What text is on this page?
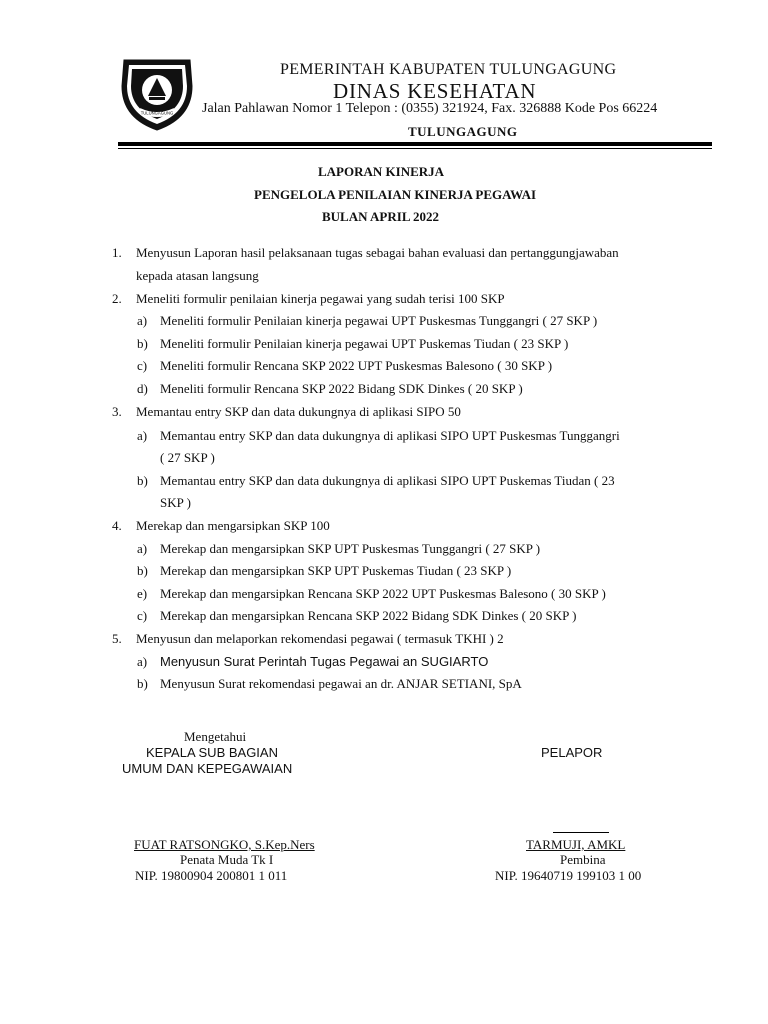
TULUNGAGUNG
PEMERINTAH KABUPATEN TULUNGAGUNG
DINAS KESEHATAN
Jalan Pahlawan Nomor 1 Telepon : (0355) 321924, Fax. 326888 Kode Pos 66224
TULUNGAGUNG
LAPORAN KINERJA
PENGELOLA PENILAIAN KINERJA PEGAWAI
BULAN APRIL 2022
1. Menyusun Laporan hasil pelaksanaan tugas sebagai bahan evaluasi dan pertanggungjawaban
kepada atasan langsung
2. Meneliti formulir penilaian kinerja pegawai yang sudah terisi 100 SKP
a) Meneliti formulir Penilaian kinerja pegawai UPT Puskesmas Tunggangri ( 27 SKP )
b) Meneliti formulir Penilaian kinerja pegawai UPT Puskemas Tiudan ( 23 SKP )
c) Meneliti formulir Rencana SKP 2022 UPT Puskesmas Balesono ( 30 SKP )
d) Meneliti formulir Rencana SKP 2022 Bidang SDK Dinkes ( 20 SKP )
3. Memantau entry SKP dan data dukungnya di aplikasi SIPO 50
a) Memantau entry SKP dan data dukungnya di aplikasi SIPO UPT Puskesmas Tunggangri
( 27 SKP )
b) Memantau entry SKP dan data dukungnya di aplikasi SIPO UPT Puskemas Tiudan ( 23
SKP )
4. Merekap dan mengarsipkan SKP 100
a) Merekap dan mengarsipkan SKP UPT Puskesmas Tunggangri ( 27 SKP )
b) Merekap dan mengarsipkan SKP UPT Puskemas Tiudan ( 23 SKP )
e) Merekap dan mengarsipkan Rencana SKP 2022 UPT Puskesmas Balesono ( 30 SKP )
c) Merekap dan mengarsipkan Rencana SKP 2022 Bidang SDK Dinkes ( 20 SKP )
5. Menyusun dan melaporkan rekomendasi pegawai ( termasuk TKHI ) 2
a) Menyusun Surat Perintah Tugas Pegawai an SUGIARTO
b) Menyusun Surat rekomendasi pegawai an dr. ANJAR SETIANI, SpA
Mengetahui
KEPALA SUB BAGIAN
UMUM DAN KEPEGAWAIAN
PELAPOR
FUAT RATSONGKO, S.Kep.Ners
Penata Muda Tk I
NIP. 19800904 200801 1 011
TARMUJI, AMKL
Pembina
NIP. 19640719 199103 1 00
